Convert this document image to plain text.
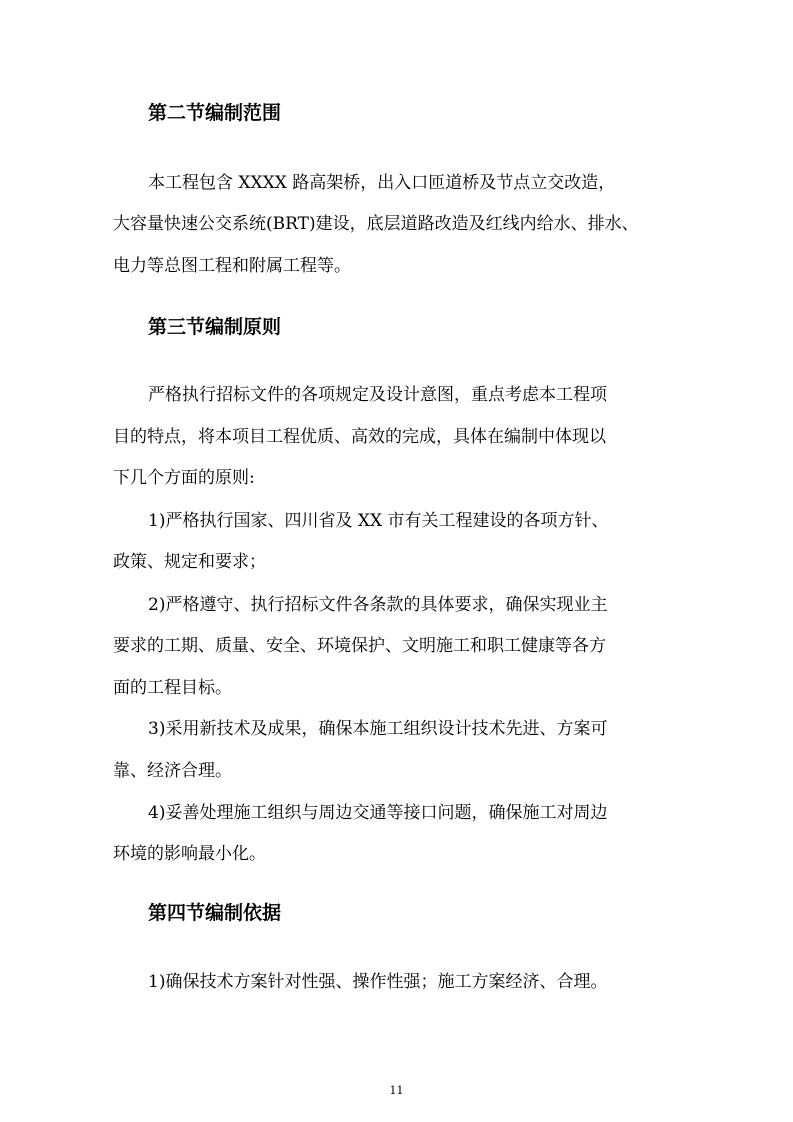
第二节编制范围
本工程包含 XXXX 路高架桥，出入口匝道桥及节点立交改造，
大容量快速公交系统(BRT)建设，底层道路改造及红线内给水、排水、
电力等总图工程和附属工程等。
第三节编制原则
严格执行招标文件的各项规定及设计意图，重点考虑本工程项
目的特点，将本项目工程优质、高效的完成，具体在编制中体现以
下几个方面的原则:
1)严格执行国家、四川省及 XX 市有关工程建设的各项方针、
政策、规定和要求；
2)严格遵守、执行招标文件各条款的具体要求，确保实现业主
要求的工期、质量、安全、环境保护、文明施工和职工健康等各方
面的工程目标。
3)采用新技术及成果，确保本施工组织设计技术先进、方案可
靠、经济合理。
4)妥善处理施工组织与周边交通等接口问题，确保施工对周边
环境的影响最小化。
第四节编制依据
1)确保技术方案针对性强、操作性强；施工方案经济、合理。
11
